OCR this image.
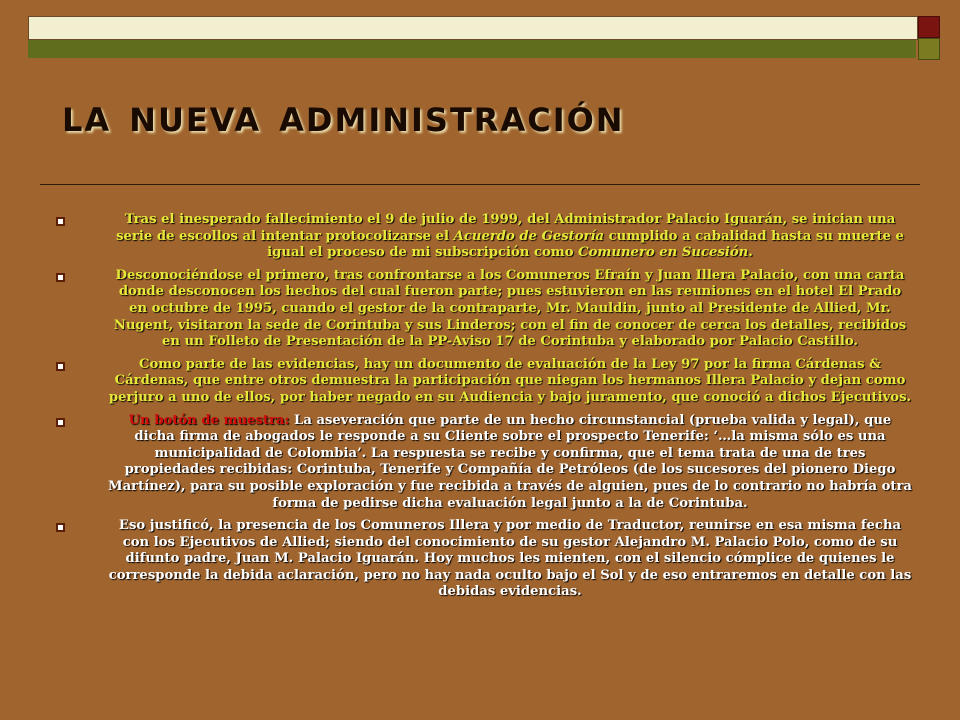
la nueva administración
Tras el inesperado fallecimiento el 9 de julio de 1999, del Administrador Palacio Iguarán, se inician una serie de escollos al intentar protocolizarse el Acuerdo de Gestoría cumplido a cabalidad hasta su muerte e igual el proceso de mi subscripción como Comunero en Sucesión.
Desconociéndose el primero, tras confrontarse a los Comuneros Efraín y Juan Illera Palacio, con una carta donde desconocen los hechos del cual fueron parte; pues estuvieron en las reuniones en el hotel El Prado en octubre de 1995, cuando el gestor de la contraparte, Mr. Mauldin, junto al Presidente de Allied, Mr. Nugent, visitaron la sede de Corintuba y sus Linderos; con el fin de conocer de cerca los detalles, recibidos en un Folleto de Presentación de la PP-Aviso 17 de Corintuba y elaborado por Palacio Castillo.
Como parte de las evidencias, hay un documento de evaluación de la Ley 97 por la firma Cárdenas & Cárdenas, que entre otros demuestra la participación que niegan los hermanos Illera Palacio y dejan como perjuro a uno de ellos, por haber negado en su Audiencia y bajo juramento, que conoció a dichos Ejecutivos.
Un botón de muestra: La aseveración que parte de un hecho circunstancial (prueba valida y legal), que dicha firma de abogados le responde a su Cliente sobre el prospecto Tenerife: ‘…la misma sólo es una municipalidad de Colombia’. La respuesta se recibe y confirma, que el tema trata de una de tres propiedades recibidas: Corintuba, Tenerife y Compañía de Petróleos (de los sucesores del pionero Diego Martínez), para su posible exploración y fue recibida a través de alguien, pues de lo contrario no habría otra forma de pedirse dicha evaluación legal junto a la de Corintuba.
Eso justificó, la presencia de los Comuneros Illera y por medio de Traductor, reunirse en esa misma fecha con los Ejecutivos de Allied; siendo del conocimiento de su gestor Alejandro M. Palacio Polo, como de su difunto padre, Juan M. Palacio Iguarán. Hoy muchos les mienten, con el silencio cómplice de quienes le corresponde la debida aclaración, pero no hay nada oculto bajo el Sol y de eso entraremos en detalle con las debidas evidencias.
